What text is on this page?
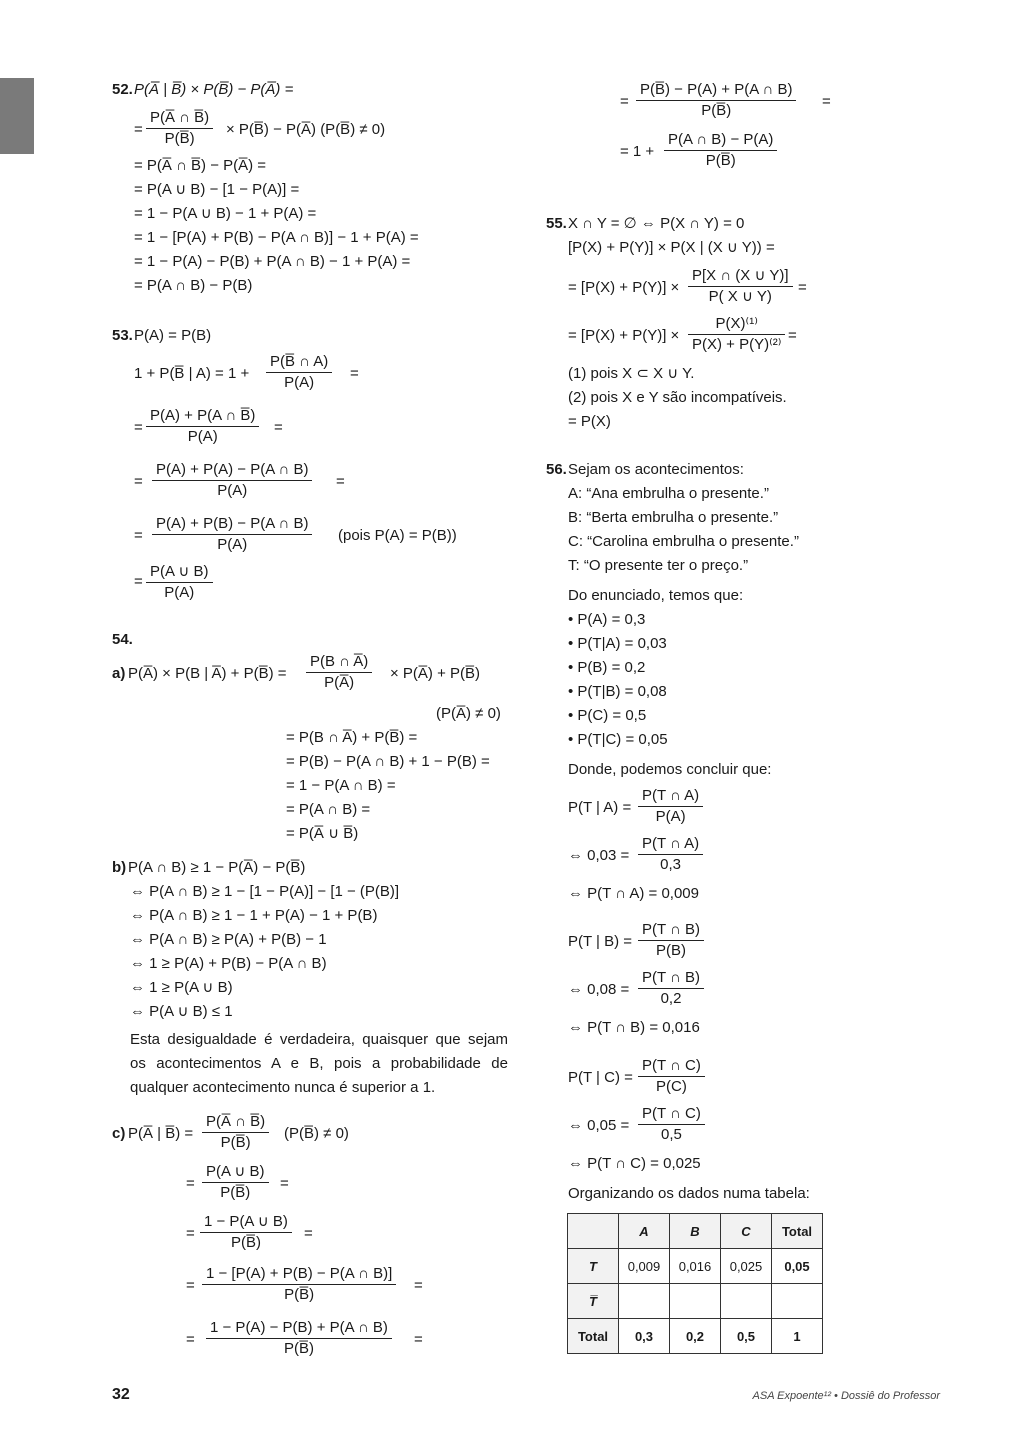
52. P(A̅ | B̅) × P(B̅) − P(A̅) =
= $\frac{P(A̅ \cap B̅)}{P(B̅)}$ × P(B̅) − P(A̅) (P(B̅) ≠ 0)
= P(A̅ ∩ B̅) − P(A̅) =
= P(A ∪ B) − [1 − P(A)] =
= 1 − P(A ∪ B) − 1 + P(A) =
= 1 − [P(A) + P(B) − P(A ∩ B)] − 1 + P(A) =
= 1 − P(A) − P(B) + P(A ∩ B) − 1 + P(A) =
= P(A ∩ B) − P(B)
= $\frac{P(B̅) - P(A) + P(A \cap B)}{P(B̅)}$ =
= $1 + \frac{P(A \cap B) - P(A)}{P(B̅)}$
53. P(A) = P(B)
1 + P(B̅ | $A) = 1 + \frac{P(B̅ \cap A)}{P(A)}$ =
= $\frac{P(A) + P(A \cap B̅)}{P(A)}$ =
= $\frac{P(A) + P(A) - P(A \cap B)}{P(A)}$ =
= $\frac{P(A) + P(B) - P(A \cap B)}{P(A)}$ (pois P(A) = P(B))
= $\frac{P(A \cup B)}{P(A)}$
54.
a) P(A̅) × P(B | A̅) + P(B̅) = $\frac{P(B \cap A̅)}{P(A̅)}$ × P(A̅) + P(B̅)
(P(A̅) ≠ 0)
= P(B ∩ A̅) + P(B̅) =
= P(B) − P(A ∩ B) + 1 − P(B) =
= 1 − P(A ∩ B) =
= P(A ∩ B) =
= P(A̅ ∪ B̅)
b) P(A ∩ B) ≥ 1 − P(A̅) − P(B̅)
⇔ P(A ∩ B) ≥ 1 − [1 − P(A)] − [1 − (P(B)]
⇔ P(A ∩ B) ≥ 1 − 1 + P(A) − 1 + P(B)
⇔ P(A ∩ B) ≥ P(A) + P(B) − 1
⇔ 1 ≥ P(A) + P(B) − P(A ∩ B)
⇔ 1 ≥ P(A ∪ B)
⇔ P(A ∪ B) ≤ 1
Esta desigualdade é verdadeira, quaisquer que sejam os acontecimentos A e B, pois a probabilidade de qualquer acontecimento nunca é superior a 1.
c) P(A̅ | B̅) = $\frac{P(A̅ \cap B̅)}{P(B̅)}$ (P(B̅) ≠ 0)
= $\frac{P(A \cup B)}{P(B̅)}$ =
= $\frac{1 - P(A \cup B)}{P(B̅)}$ =
= $\frac{1 - [P(A) + P(B) - P(A \cap B)]}{P(B̅)}$ =
= $\frac{1 - P(A) - P(B) + P(A \cap B)}{P(B̅)}$ =
55. X ∩ Y = ∅ ⇔ P(X ∩ Y) = 0
[P(X) + P(Y)] × P(X | (X ∪ Y)) =
= $[P(X) + P(Y)] \times \frac{P[X \cap (X \cup Y)]}{P( X \cup Y)}$ =
= $[P(X) + P(Y)] \times \frac{\text{P(X)⁽¹⁾}}{\text{P(X) + P(Y)⁽²⁾}}$ =
(1) pois X ⊂ X ∪ Y.
(2) pois X e Y são incompatíveis.
= P(X)
56. Sejam os acontecimentos:
A: “Ana embrulha o presente.”
B: “Berta embrulha o presente.”
C: “Carolina embrulha o presente.”
T: “O presente ter o preço.”
Do enunciado, temos que:
• P(A) = 0,3
• P(T|A) = 0,03
• P(B) = 0,2
• P(T|B) = 0,08
• P(C) = 0,5
• P(T|C) = 0,05
Donde, podemos concluir que:
P(T | $A) = \frac{P(T \cap A)}{P(A)}$
⇔ $0,03 = \frac{P(T \cap A)}{0,3}$
⇔ P(T ∩ A) = 0,009
P(T | $B) = \frac{P(T \cap B)}{P(B)}$
⇔ $0,08 = \frac{P(T \cap B)}{0,2}$
⇔ P(T ∩ B) = 0,016
P(T | $C) = \frac{P(T \cap C)}{P(C)}$
⇔ $0,05 = \frac{P(T \cap C)}{0,5}$
⇔ P(T ∩ C) = 0,025
Organizando os dados numa tabela:
	A	B	C	Total
T	0,009	0,016	0,025	0,05
T̅				
Total	0,3	0,2	0,5	1
32	ASA Expoente¹² • Dossiê do Professor
